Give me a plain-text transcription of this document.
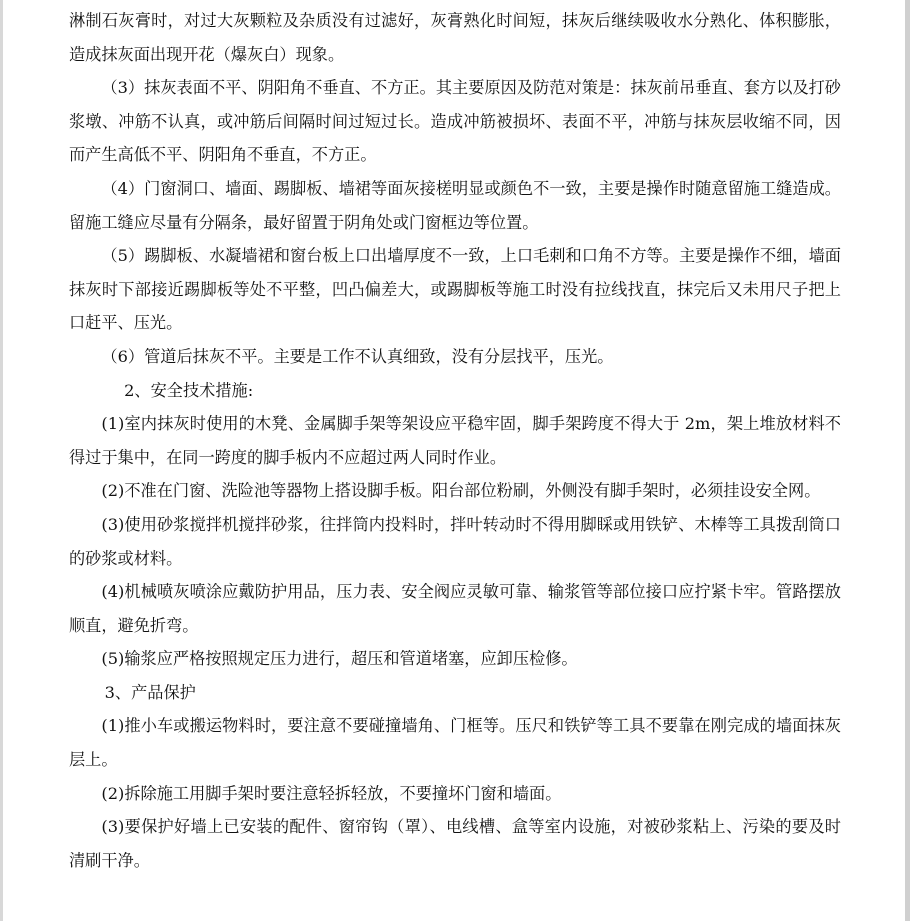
淋制石灰膏时，对过大灰颗粒及杂质没有过滤好，灰膏熟化时间短，抹灰后继续吸收水分熟化、体积膨胀，造成抹灰面出现开花（爆灰白）现象。

（3）抹灰表面不平、阴阳角不垂直、不方正。其主要原因及防范对策是：抹灰前吊垂直、套方以及打砂浆墩、冲筋不认真，或冲筋后间隔时间过短过长。造成冲筋被损坏、表面不平，冲筋与抹灰层收缩不同，因而产生高低不平、阴阳角不垂直，不方正。

（4）门窗洞口、墙面、踢脚板、墙裙等面灰接槎明显或颜色不一致，主要是操作时随意留施工缝造成。留施工缝应尽量有分隔条，最好留置于阴角处或门窗框边等位置。

（5）踢脚板、水凝墙裙和窗台板上口出墙厚度不一致，上口毛刺和口角不方等。主要是操作不细，墙面抹灰时下部接近踢脚板等处不平整，凹凸偏差大，或踢脚板等施工时没有拉线找直，抹完后又未用尺子把上口赶平、压光。

（6）管道后抹灰不平。主要是工作不认真细致，没有分层找平，压光。

2、安全技术措施:

(1)室内抹灰时使用的木凳、金属脚手架等架设应平稳牢固，脚手架跨度不得大于 2m，架上堆放材料不得过于集中，在同一跨度的脚手板内不应超过两人同时作业。

(2)不准在门窗、洗险池等器物上搭设脚手板。阳台部位粉刷，外侧没有脚手架时，必须挂设安全网。

(3)使用砂浆搅拌机搅拌砂浆，往拌筒内投料时，拌叶转动时不得用脚睬或用铁铲、木棒等工具拨刮筒口的砂浆或材料。

(4)机械喷灰喷涂应戴防护用品，压力表、安全阀应灵敏可靠、输浆管等部位接口应拧紧卡牢。管路摆放顺直，避免折弯。

(5)输浆应严格按照规定压力进行，超压和管道堵塞，应卸压检修。

3、产品保护

(1)推小车或搬运物料时，要注意不要碰撞墙角、门框等。压尺和铁铲等工具不要靠在刚完成的墙面抹灰层上。

(2)拆除施工用脚手架时要注意轻拆轻放，不要撞坏门窗和墙面。

(3)要保护好墙上已安装的配件、窗帘钩（罩）、电线槽、盒等室内设施，对被砂浆粘上、污染的要及时清刷干净。
